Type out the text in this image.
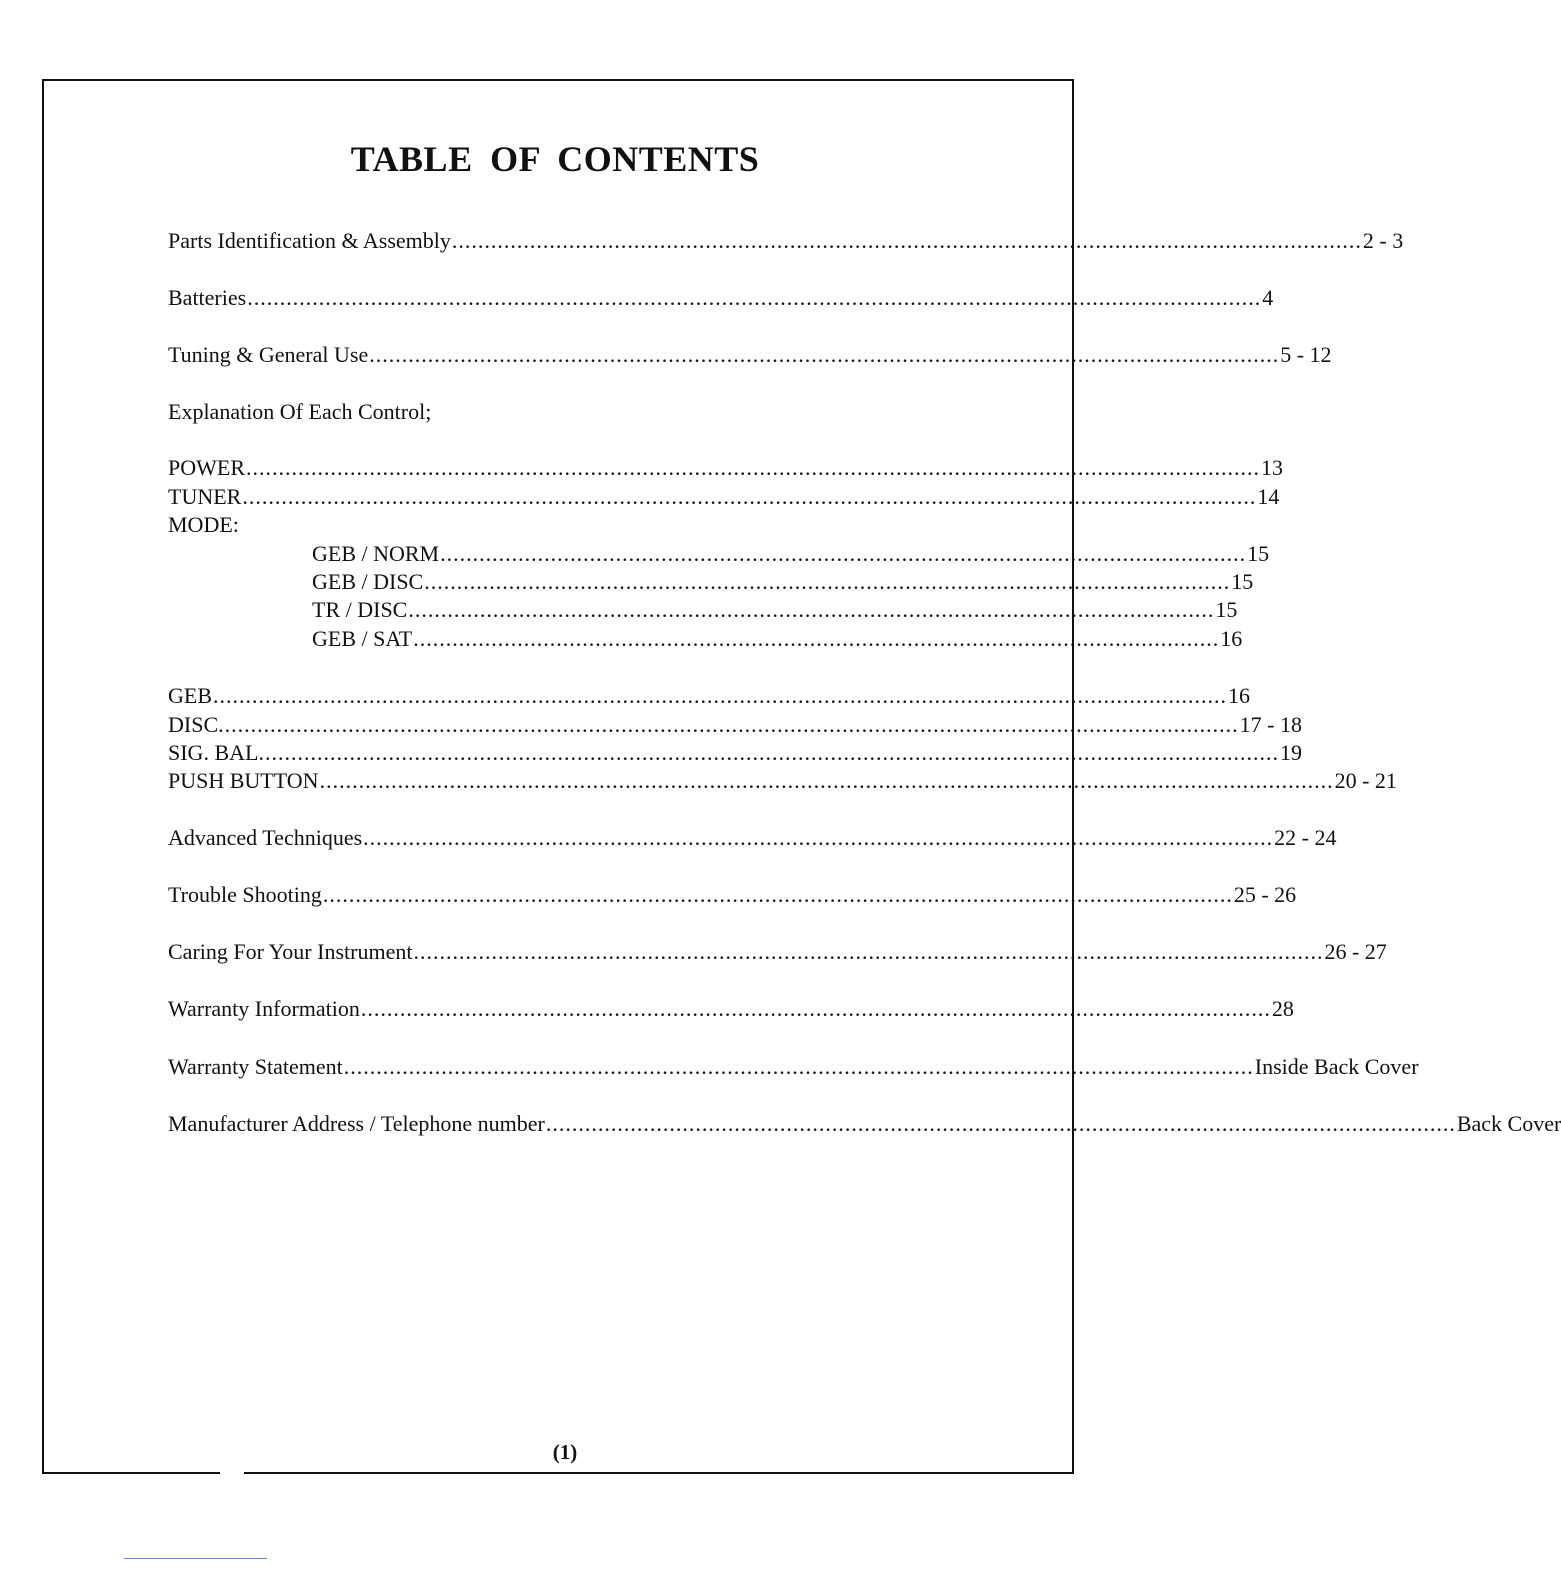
TABLE OF CONTENTS
Parts Identification & Assembly ............................................................................................................................................ 2 - 3
Batteries ............................................................................................................................................................ 4
Tuning & General Use ............................................................................................................................................ 5 - 12
Explanation Of Each Control;
POWER ............................................................................................................................................................ 13
TUNER ............................................................................................................................................................ 14
MODE:
GEB / NORM ............................................................................................................................ 15
GEB / DISC ............................................................................................................................ 15
TR / DISC ............................................................................................................................ 15
GEB / SAT ............................................................................................................................ 16
GEB ............................................................................................................................................................ 16
DISC. ............................................................................................................................................................ 17 - 18
SIG. BAL. ............................................................................................................................................................ 19
PUSH BUTTON ............................................................................................................................................................ 20 - 21
Advanced Techniques ............................................................................................................................................ 22 - 24
Trouble Shooting ............................................................................................................................................ 25 - 26
Caring For Your Instrument ............................................................................................................................................ 26 - 27
Warranty Information ............................................................................................................................................ 28
Warranty Statement ............................................................................................................................................ Inside Back Cover
Manufacturer Address / Telephone number ............................................................................................................................................ Back Cover
(1)
